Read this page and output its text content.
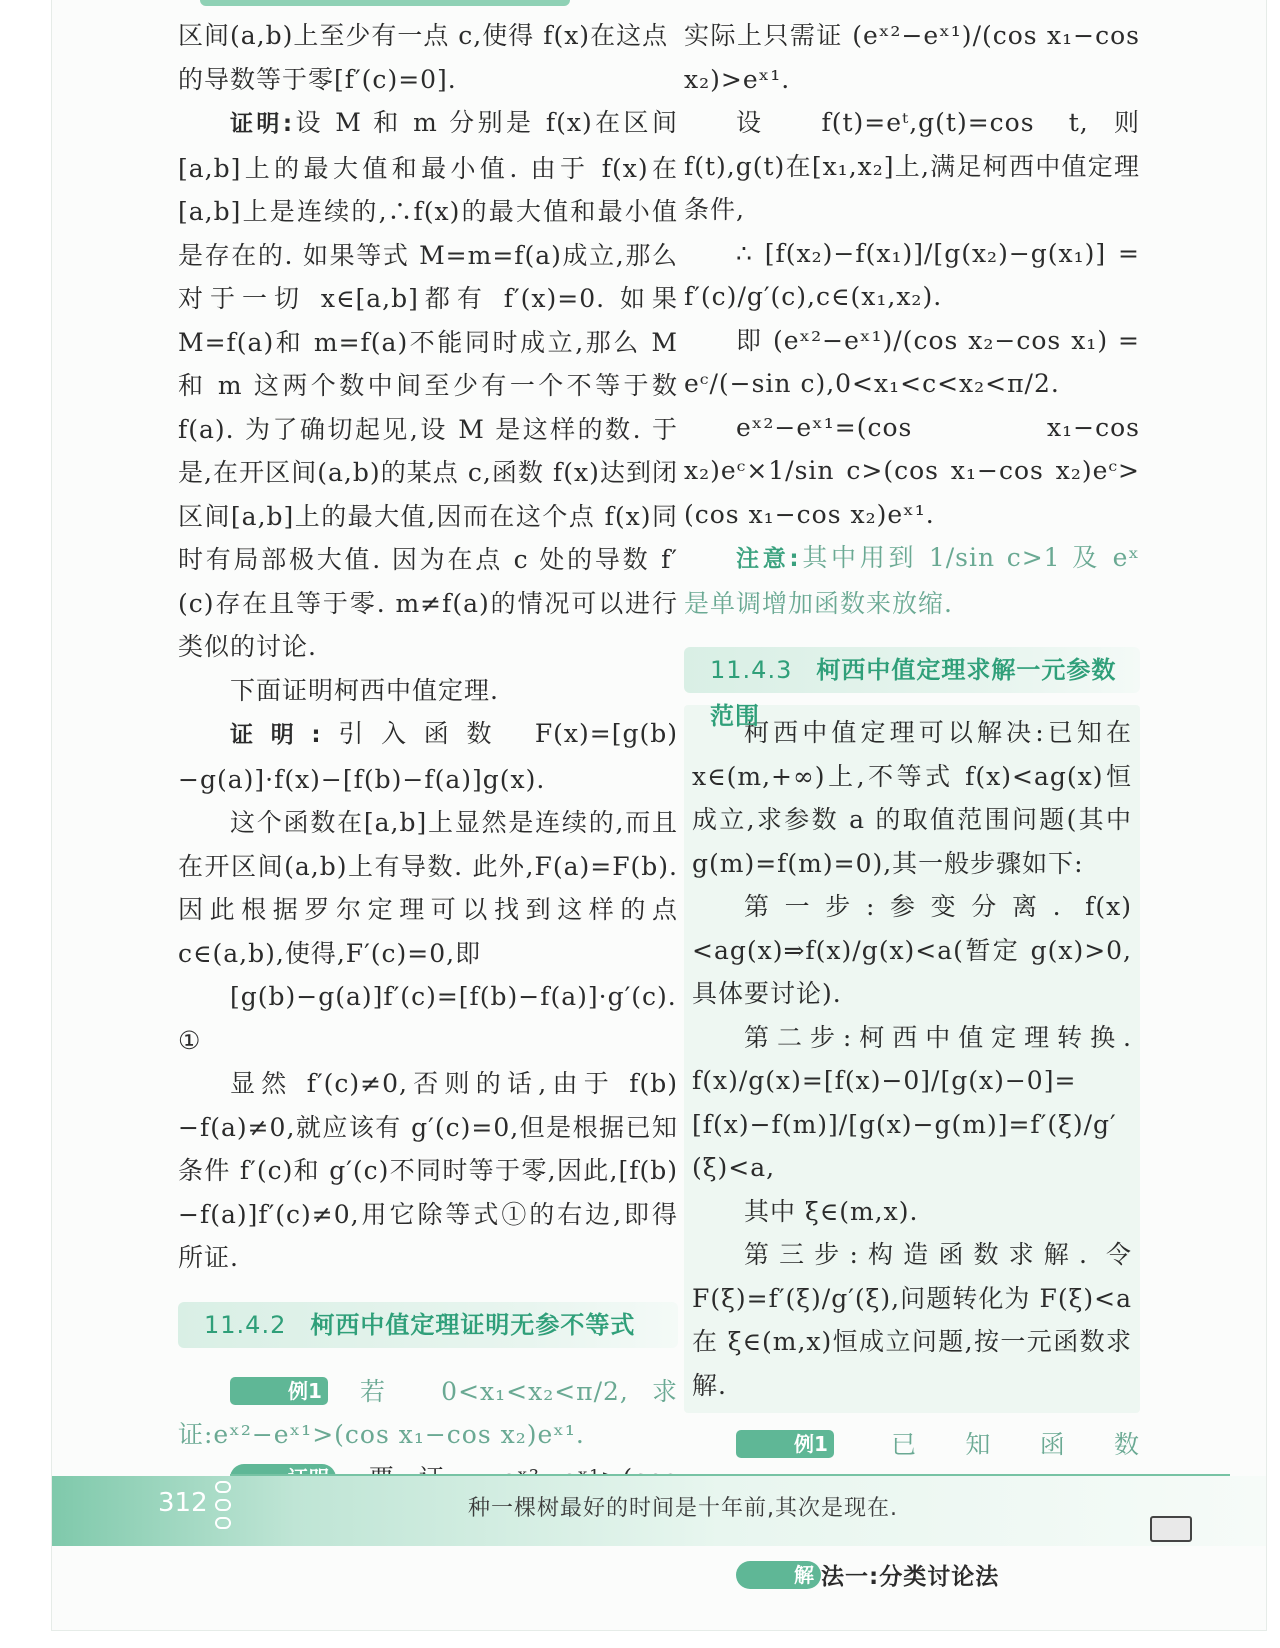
区间(a,b)上至少有一点 c,使得 f(x)在这点

的导数等于零[f′(c)=0].

证明:设 M 和 m 分别是 f(x)在区间[a,b]上的最大值和最小值. 由于 f(x)在[a,b]上是连续的,∴f(x)的最大值和最小值是存在的. 如果等式 M=m=f(a)成立,那么对于一切 x∈[a,b]都有 f′(x)=0. 如果 M=f(a)和 m=f(a)不能同时成立,那么 M 和 m 这两个数中间至少有一个不等于数 f(a). 为了确切起见,设 M 是这样的数. 于是,在开区间(a,b)的某点 c,函数 f(x)达到闭区间[a,b]上的最大值,因而在这个点 f(x)同时有局部极大值. 因为在点 c 处的导数 f′(c)存在且等于零. m≠f(a)的情况可以进行类似的讨论.

下面证明柯西中值定理.

证明:引入函数 F(x)=[g(b)−g(a)]·f(x)−[f(b)−f(a)]g(x).

这个函数在[a,b]上显然是连续的,而且在开区间(a,b)上有导数. 此外,F(a)=F(b). 因此根据罗尔定理可以找到这样的点 c∈(a,b),使得,F′(c)=0,即

[g(b)−g(a)]f′(c)=[f(b)−f(a)]·g′(c). ①

显然 f′(c)≠0,否则的话,由于 f(b)−f(a)≠0,就应该有 g′(c)=0,但是根据已知条件 f′(c)和 g′(c)不同时等于零,因此,[f(b)−f(a)]f′(c)≠0,用它除等式①的右边,即得所证.

11.4.2 柯西中值定理证明无参不等式

例1 若 0<x₁<x₂<π/2,求证:eˣ²−eˣ¹>(cos x₁−cos x₂)eˣ¹.

实际上只需证 (eˣ²−eˣ¹)/(cos x₁−cos x₂)>eˣ¹.

设 f(t)=eᵗ,g(t)=cos t,则 f(t),g(t)在[x₁,x₂]上,满足柯西中值定理条件,

∴ [f(x₂)−f(x₁)]/[g(x₂)−g(x₁)] = f′(c)/g′(c),c∈(x₁,x₂).

即 (eˣ²−eˣ¹)/(cos x₂−cos x₁) = eᶜ/(−sin c),0<x₁<c<x₂<π/2.

eˣ²−eˣ¹=(cos x₁−cos x₂)eᶜ×1/sin c>(cos x₁−cos x₂)eᶜ>(cos x₁−cos x₂)eˣ¹.

注意:其中用到 1/sin c>1 及 eˣ 是单调增加函数来放缩.

11.4.3 柯西中值定理求解一元参数范围

柯西中值定理可以解决:已知在 x∈(m,+∞)上,不等式 f(x)<ag(x)恒成立,求参数 a 的取值范围问题(其中 g(m)=f(m)=0),其一般步骤如下:

第一步:参变分离. f(x)<ag(x)⇒f(x)/g(x)<a(暂定 g(x)>0,具体要讨论).

第二步:柯西中值定理转换. f(x)/g(x)=[f(x)−0]/[g(x)−0]=[f(x)−f(m)]/[g(x)−g(m)]=f′(ξ)/g′(ξ)<a,

其中 ξ∈(m,x).

第三步:构造函数求解. 令 F(ξ)=f′(ξ)/g′(ξ),问题转化为 F(ξ)<a 在 ξ∈(m,x)恒成立问题,按一元函数求解.

例1	已知函数

解 法一:分类讨论法

312	种一棵树最好的时间是十年前,其次是现在.
